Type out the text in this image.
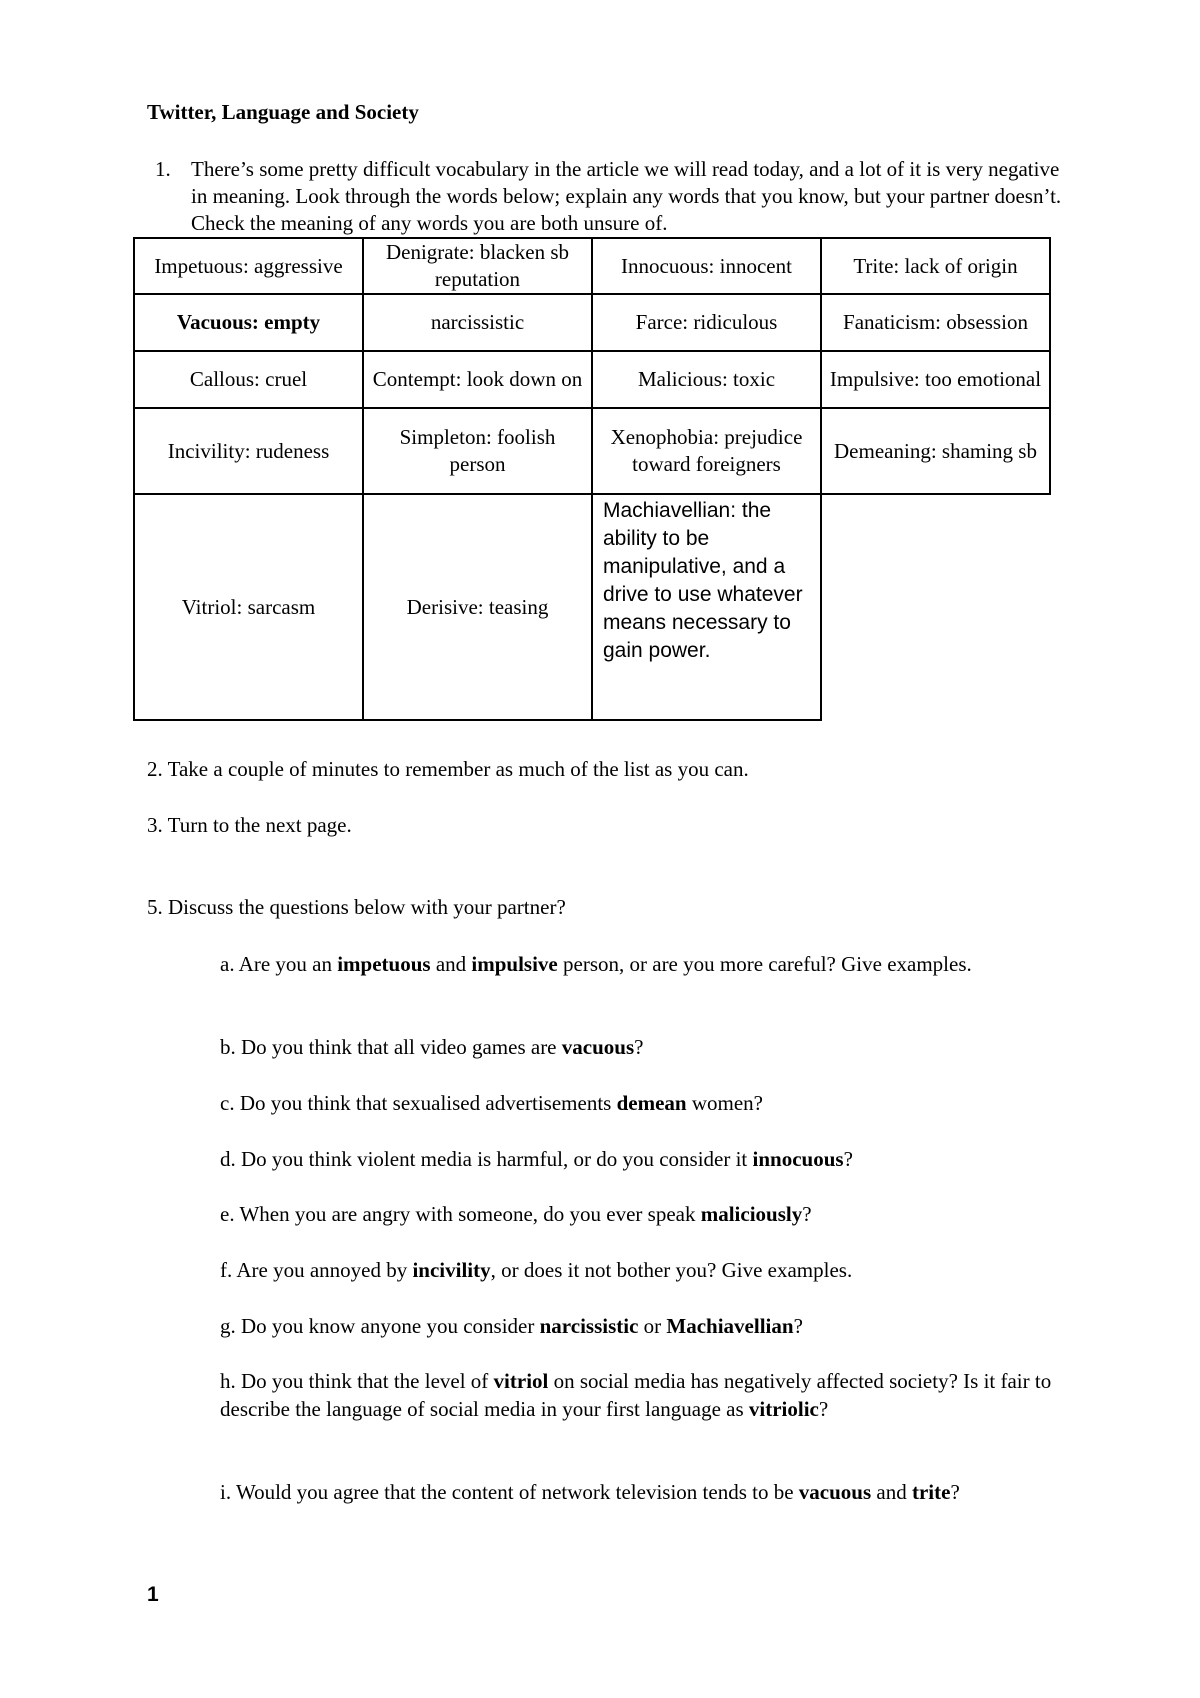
Twitter, Language and Society
1. There’s some pretty difficult vocabulary in the article we will read today, and a lot of it is very negative in meaning. Look through the words below; explain any words that you know, but your partner doesn’t. Check the meaning of any words you are both unsure of.
Impetuous: aggressive	Denigrate: blacken sb reputation	Innocuous: innocent	Trite: lack of origin
Vacuous: empty	narcissistic	Farce: ridiculous	Fanaticism: obsession
Callous: cruel	Contempt: look down on	Malicious: toxic	Impulsive: too emotional
Incivility: rudeness	Simpleton: foolish person	Xenophobia: prejudice toward foreigners	Demeaning: shaming sb
Vitriol: sarcasm	Derisive: teasing	Machiavellian: the ability to be manipulative, and a drive to use whatever means necessary to gain power.	
2. Take a couple of minutes to remember as much of the list as you can.
3. Turn to the next page.
5. Discuss the questions below with your partner?
a. Are you an impetuous and impulsive person, or are you more careful? Give examples.
b. Do you think that all video games are vacuous?
c. Do you think that sexualised advertisements demean women?
d. Do you think violent media is harmful, or do you consider it innocuous?
e. When you are angry with someone, do you ever speak maliciously?
f. Are you annoyed by incivility, or does it not bother you? Give examples.
g. Do you know anyone you consider narcissistic or Machiavellian?
h. Do you think that the level of vitriol on social media has negatively affected society? Is it fair to describe the language of social media in your first language as vitriolic?
i. Would you agree that the content of network television tends to be vacuous and trite?
1
